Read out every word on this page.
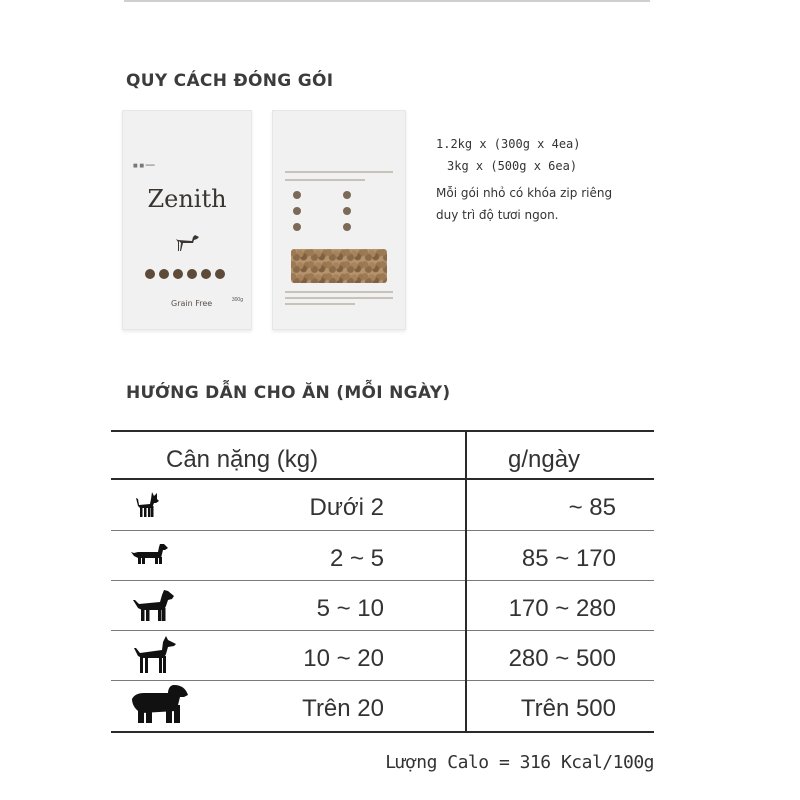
QUY CÁCH ĐÓNG GÓI
■ ■ ═══
Zenith
Grain Free	300g
1.2kg x (300g x 4ea)
3kg x (500g x 6ea)
Mỗi gói nhỏ có khóa zip riêng
duy trì độ tươi ngon.
HƯỚNG DẪN CHO ĂN (MỖI NGÀY)
Cân nặng (kg)	g/ngày
Dưới 2	~ 85
2 ~ 5	85 ~ 170
5 ~ 10	170 ~ 280
10 ~ 20	280 ~ 500
Trên 20	Trên 500
Lượng Calo = 316 Kcal/100g
